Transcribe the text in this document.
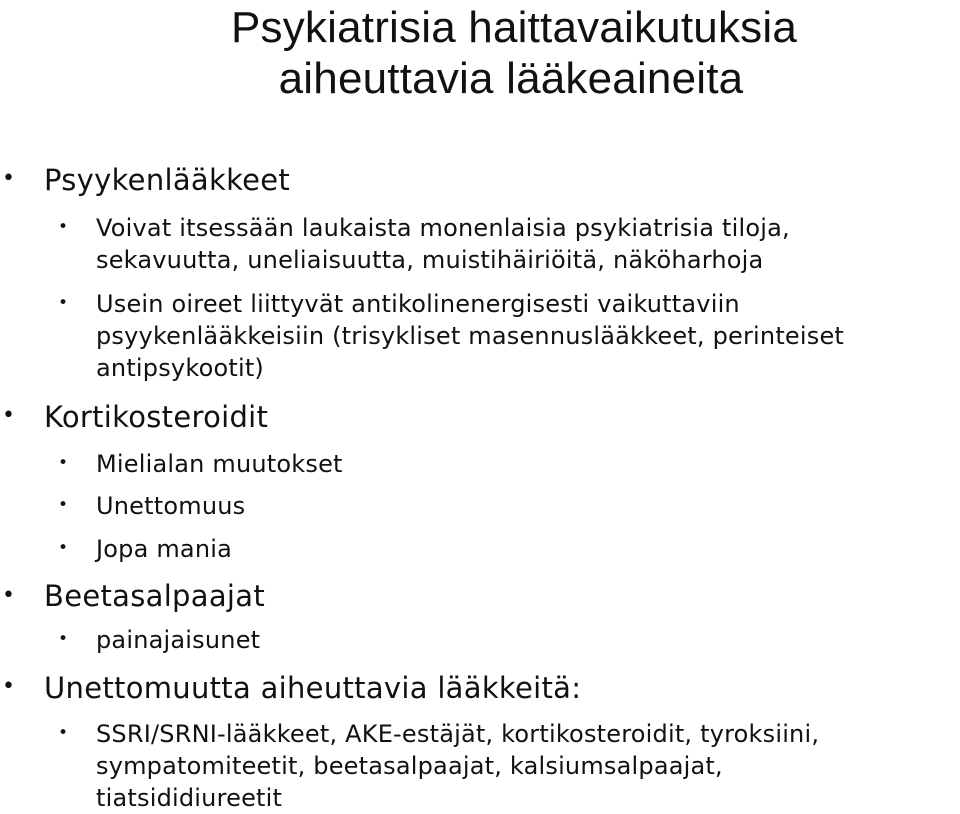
Psykiatrisia haittavaikutuksia
aiheuttavia lääkeaineita
• Psyykenlääkkeet
• Voivat itsessään laukaista monenlaisia psykiatrisia tiloja,
sekavuutta, uneliaisuutta, muistihäiriöitä, näköharhoja
• Usein oireet liittyvät antikolinenergisesti vaikuttaviin
psyykenlääkkeisiin (trisykliset masennuslääkkeet, perinteiset
antipsykootit)
• Kortikosteroidit
• Mielialan muutokset
• Unettomuus
• Jopa mania
• Beetasalpaajat
• painajaisunet
• Unettomuutta aiheuttavia lääkkeitä:
• SSRI/SRNI-lääkkeet, AKE-estäjät, kortikosteroidit, tyroksiini,
sympatomiteetit, beetasalpaajat, kalsiumsalpaajat,
tiatsididiureetit
